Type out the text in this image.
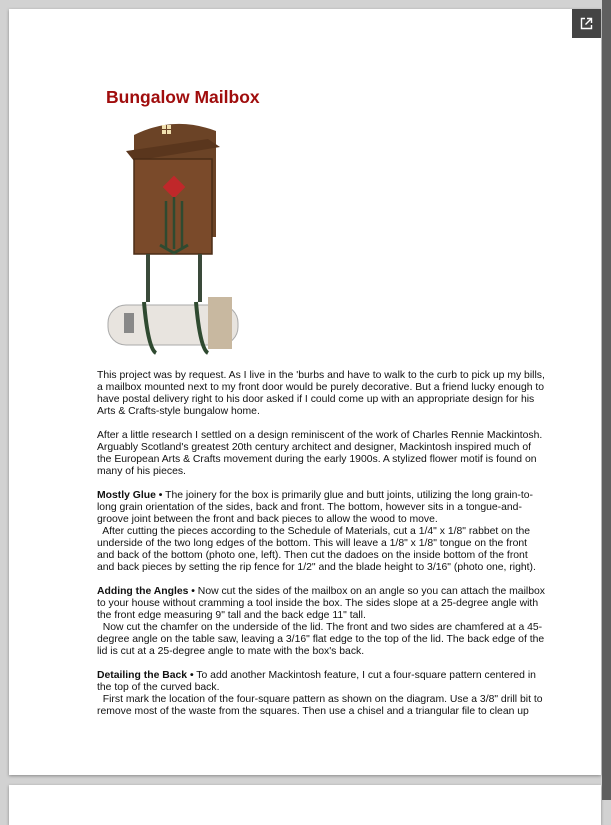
Bungalow Mailbox

This project was by request. As I live in the 'burbs and have to walk to the curb to pick up my bills,
a mailbox mounted next to my front door would be purely decorative. But a friend lucky enough to
have postal delivery right to his door asked if I could come up with an appropriate design for his
Arts & Crafts-style bungalow home.

After a little research I settled on a design reminiscent of the work of Charles Rennie Mackintosh.
Arguably Scotland's greatest 20th century architect and designer, Mackintosh inspired much of
the European Arts & Crafts movement during the early 1900s. A stylized flower motif is found on
many of his pieces.

Mostly Glue • The joinery for the box is primarily glue and butt joints, utilizing the long grain-to-
long grain orientation of the sides, back and front. The bottom, however sits in a tongue-and-
groove joint between the front and back pieces to allow the wood to move.
After cutting the pieces according to the Schedule of Materials, cut a 1/4" x 1/8" rabbet on the
underside of the two long edges of the bottom. This will leave a 1/8" x 1/8" tongue on the front
and back of the bottom (photo one, left). Then cut the dadoes on the inside bottom of the front
and back pieces by setting the rip fence for 1/2" and the blade height to 3/16" (photo one, right).

Adding the Angles • Now cut the sides of the mailbox on an angle so you can attach the mailbox
to your house without cramming a tool inside the box. The sides slope at a 25-degree angle with
the front edge measuring 9" tall and the back edge 11" tall.
Now cut the chamfer on the underside of the lid. The front and two sides are chamfered at a 45-
degree angle on the table saw, leaving a 3/16" flat edge to the top of the lid. The back edge of the
lid is cut at a 25-degree angle to mate with the box's back.

Detailing the Back • To add another Mackintosh feature, I cut a four-square pattern centered in
the top of the curved back.
First mark the location of the four-square pattern as shown on the diagram. Use a 3/8" drill bit to
remove most of the waste from the squares. Then use a chisel and a triangular file to clean up
